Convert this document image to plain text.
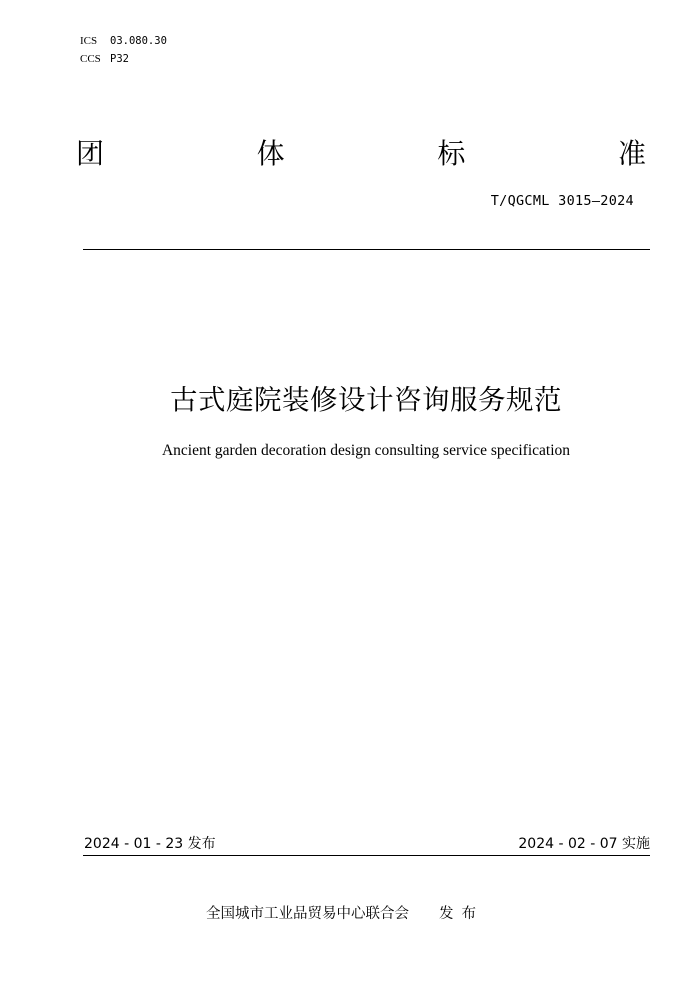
ICS 03.080.30
CCS P32
团	体	标	准
T/QGCML 3015—2024
古式庭院装修设计咨询服务规范
Ancient garden decoration design consulting service specification
2024 - 01 - 23 发布	2024 - 02 - 07 实施
全国城市工业品贸易中心联合会 发布
